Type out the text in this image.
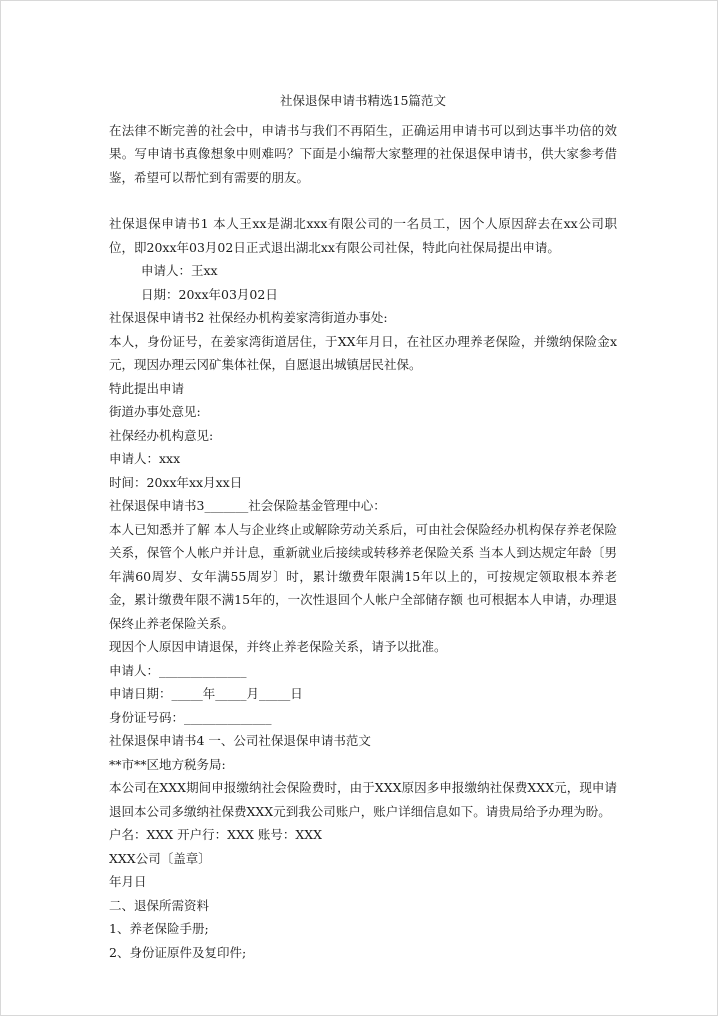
社保退保申请书精选15篇范文

在法律不断完善的社会中，申请书与我们不再陌生，正确运用申请书可以到达事半功倍的效果。写申请书真像想象中则难吗？下面是小编帮大家整理的社保退保申请书，供大家参考借鉴，希望可以帮忙到有需要的朋友。

社保退保申请书1 本人王xx是湖北xxx有限公司的一名员工，因个人原因辞去在xx公司职位，即20xx年03月02日正式退出湖北xx有限公司社保，特此向社保局提出申请。

申请人：王xx

日期：20xx年03月02日

社保退保申请书2 社保经办机构姜家湾街道办事处:

本人，身份证号，在姜家湾街道居住，于XX年月日，在社区办理养老保险，并缴纳保险金x元，现因办理云冈矿集体社保，自愿退出城镇居民社保。

特此提出申请

街道办事处意见:

社保经办机构意见:

申请人：xxx

时间：20xx年xx月xx日

社保退保申请书3_______社会保险基金管理中心：

本人已知悉并了解 本人与企业终止或解除劳动关系后，可由社会保险经办机构保存养老保险关系，保管个人帐户并计息，重新就业后接续或转移养老保险关系 当本人到达规定年龄〔男年满60周岁、女年满55周岁〕时，累计缴费年限满15年以上的，可按规定领取根本养老金，累计缴费年限不满15年的，一次性退回个人帐户全部储存额 也可根据本人申请，办理退保终止养老保险关系。

现因个人原因申请退保，并终止养老保险关系，请予以批准。

申请人：______________

申请日期：_____年_____月_____日

身份证号码：______________

社保退保申请书4 一、公司社保退保申请书范文

**市**区地方税务局:

本公司在XXX期间申报缴纳社会保险费时，由于XXX原因多申报缴纳社保费XXX元，现申请退回本公司多缴纳社保费XXX元到我公司账户，账户详细信息如下。请贵局给予办理为盼。

户名：XXX 开户行：XXX 账号：XXX

XXX公司〔盖章〕

年月日

二、退保所需资料

1、养老保险手册;

2、身份证原件及复印件;
